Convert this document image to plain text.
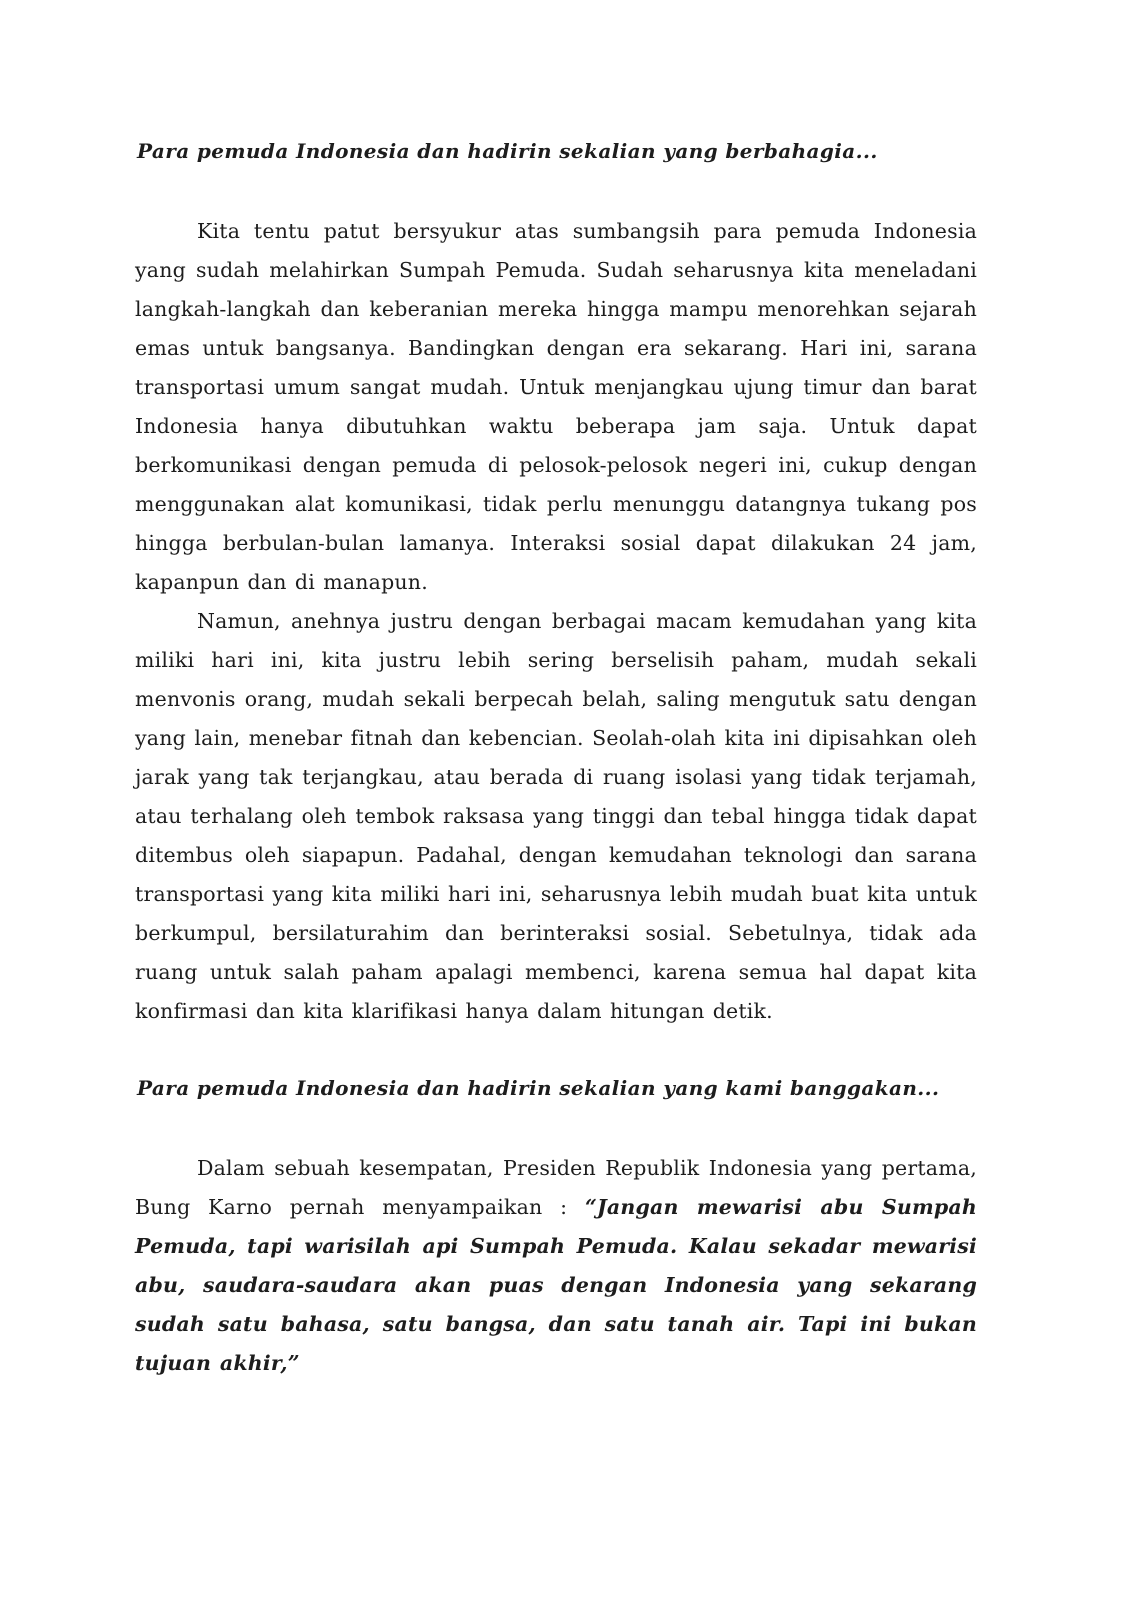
Para pemuda Indonesia dan hadirin sekalian yang berbahagia...

Kita tentu patut bersyukur atas sumbangsih para pemuda Indonesia yang sudah melahirkan Sumpah Pemuda. Sudah seharusnya kita meneladani langkah-langkah dan keberanian mereka hingga mampu menorehkan sejarah emas untuk bangsanya. Bandingkan dengan era sekarang. Hari ini, sarana transportasi umum sangat mudah. Untuk menjangkau ujung timur dan barat Indonesia hanya dibutuhkan waktu beberapa jam saja. Untuk dapat berkomunikasi dengan pemuda di pelosok-pelosok negeri ini, cukup dengan menggunakan alat komunikasi, tidak perlu menunggu datangnya tukang pos hingga berbulan-bulan lamanya. Interaksi sosial dapat dilakukan 24 jam, kapanpun dan di manapun.

Namun, anehnya justru dengan berbagai macam kemudahan yang kita miliki hari ini, kita justru lebih sering berselisih paham, mudah sekali menvonis orang, mudah sekali berpecah belah, saling mengutuk satu dengan yang lain, menebar fitnah dan kebencian. Seolah-olah kita ini dipisahkan oleh jarak yang tak terjangkau, atau berada di ruang isolasi yang tidak terjamah, atau terhalang oleh tembok raksasa yang tinggi dan tebal hingga tidak dapat ditembus oleh siapapun. Padahal, dengan kemudahan teknologi dan sarana transportasi yang kita miliki hari ini, seharusnya lebih mudah buat kita untuk berkumpul, bersilaturahim dan berinteraksi sosial. Sebetulnya, tidak ada ruang untuk salah paham apalagi membenci, karena semua hal dapat kita konfirmasi dan kita klarifikasi hanya dalam hitungan detik.

Para pemuda Indonesia dan hadirin sekalian yang kami banggakan...

Dalam sebuah kesempatan, Presiden Republik Indonesia yang pertama, Bung Karno pernah menyampaikan : “Jangan mewarisi abu Sumpah Pemuda, tapi warisilah api Sumpah Pemuda. Kalau sekadar mewarisi abu, saudara-saudara akan puas dengan Indonesia yang sekarang sudah satu bahasa, satu bangsa, dan satu tanah air. Tapi ini bukan tujuan akhir,”
